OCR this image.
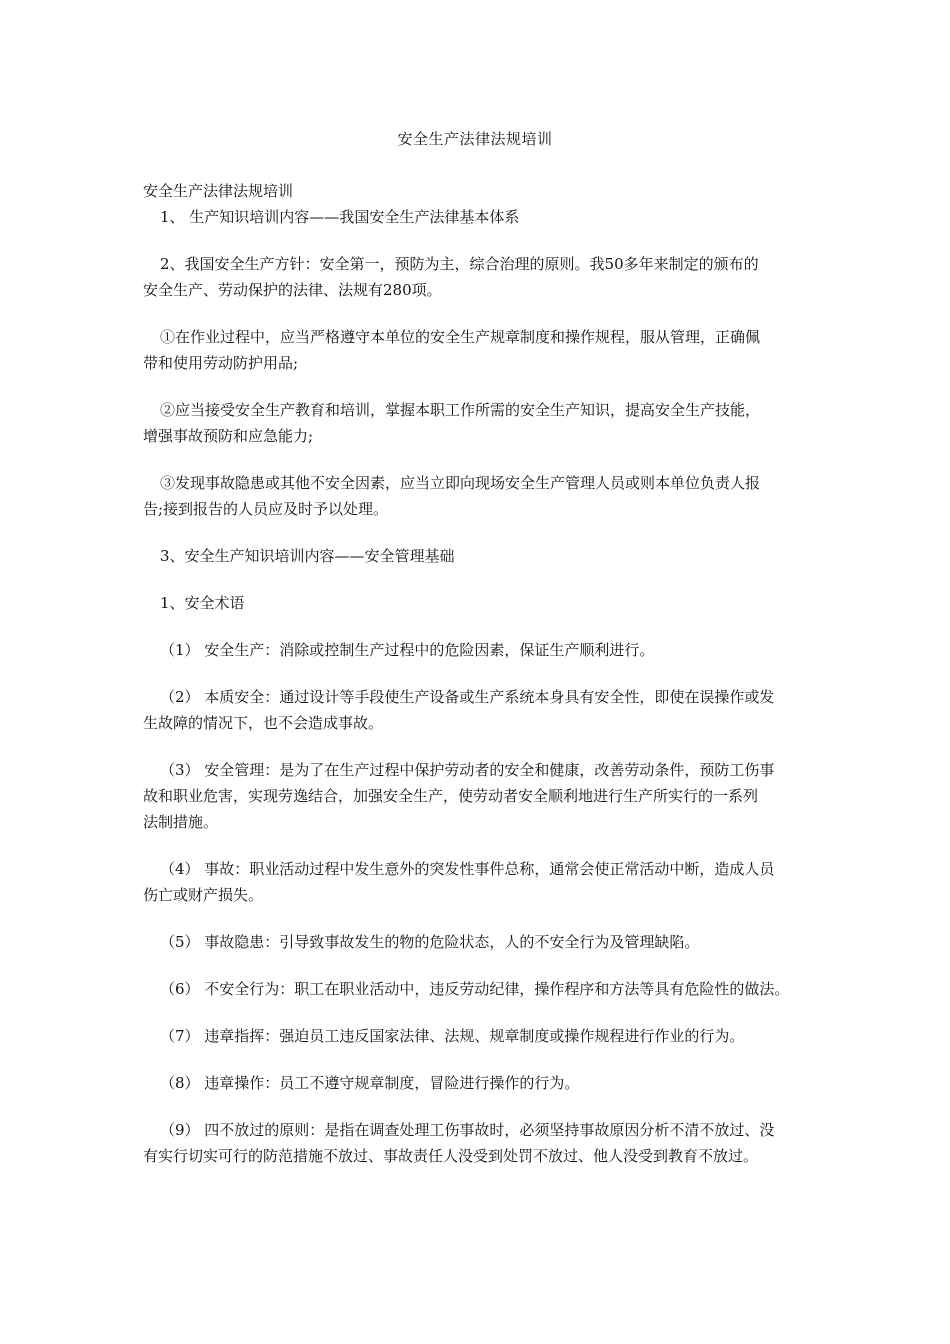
安全生产法律法规培训
安全生产法律法规培训
1、 生产知识培训内容——我国安全生产法律基本体系
2、我国安全生产方针：安全第一，预防为主，综合治理的原则。我50多年来制定的颁布的
安全生产、劳动保护的法律、法规有280项。
①在作业过程中，应当严格遵守本单位的安全生产规章制度和操作规程，服从管理，正确佩
带和使用劳动防护用品;
②应当接受安全生产教育和培训，掌握本职工作所需的安全生产知识，提高安全生产技能，
增强事故预防和应急能力;
③发现事故隐患或其他不安全因素，应当立即向现场安全生产管理人员或则本单位负责人报
告;接到报告的人员应及时予以处理。
3、安全生产知识培训内容——安全管理基础
1、安全术语
（1） 安全生产：消除或控制生产过程中的危险因素，保证生产顺利进行。
（2） 本质安全：通过设计等手段使生产设备或生产系统本身具有安全性，即使在误操作或发
生故障的情况下，也不会造成事故。
（3） 安全管理：是为了在生产过程中保护劳动者的安全和健康，改善劳动条件，预防工伤事
故和职业危害，实现劳逸结合，加强安全生产，使劳动者安全顺利地进行生产所实行的一系列
法制措施。
（4） 事故：职业活动过程中发生意外的突发性事件总称，通常会使正常活动中断，造成人员
伤亡或财产损失。
（5） 事故隐患：引导致事故发生的物的危险状态，人的不安全行为及管理缺陷。
（6） 不安全行为：职工在职业活动中，违反劳动纪律，操作程序和方法等具有危险性的做法。
（7） 违章指挥：强迫员工违反国家法律、法规、规章制度或操作规程进行作业的行为。
（8） 违章操作：员工不遵守规章制度，冒险进行操作的行为。
（9） 四不放过的原则：是指在调查处理工伤事故时，必须坚持事故原因分析不清不放过、没
有实行切实可行的防范措施不放过、事故责任人没受到处罚不放过、他人没受到教育不放过。
